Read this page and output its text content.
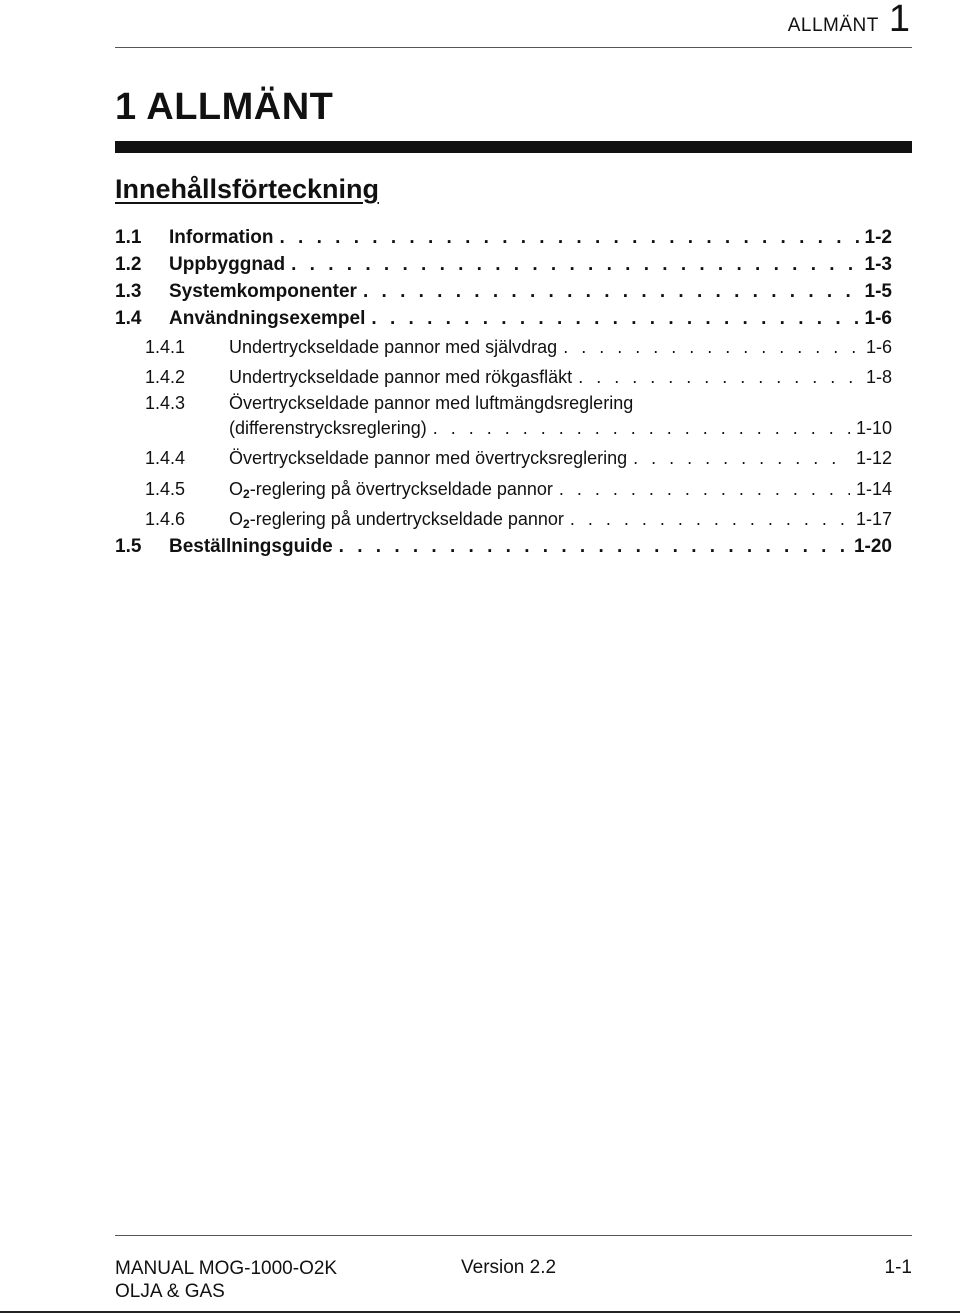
ALLMÄNT 1
1 ALLMÄNT
Innehållsförteckning
1.1	Information . . .	1-2
1.2	Uppbyggnad . . .	1-3
1.3	Systemkomponenter . . .	1-5
1.4	Användningsexempel . . .	1-6
1.4.1	Undertryckseldade pannor med självdrag . . .	1-6
1.4.2	Undertryckseldade pannor med rökgasfläkt . . .	1-8
1.4.3	Övertryckseldade pannor med luftmängdsreglering
(differenstrycksreglering) . . .	1-10
1.4.4	Övertryckseldade pannor med övertrycksreglering . . .	1-12
1.4.5	$O_2$-reglering på övertryckseldade pannor . . .	1-14
1.4.6	$O_2$-reglering på undertryckseldade pannor . . .	1-17
1.5	Beställningsguide . . .	1-20
MANUAL MOG-1000-O2K
OLJA & GAS
Version 2.2	1-1
